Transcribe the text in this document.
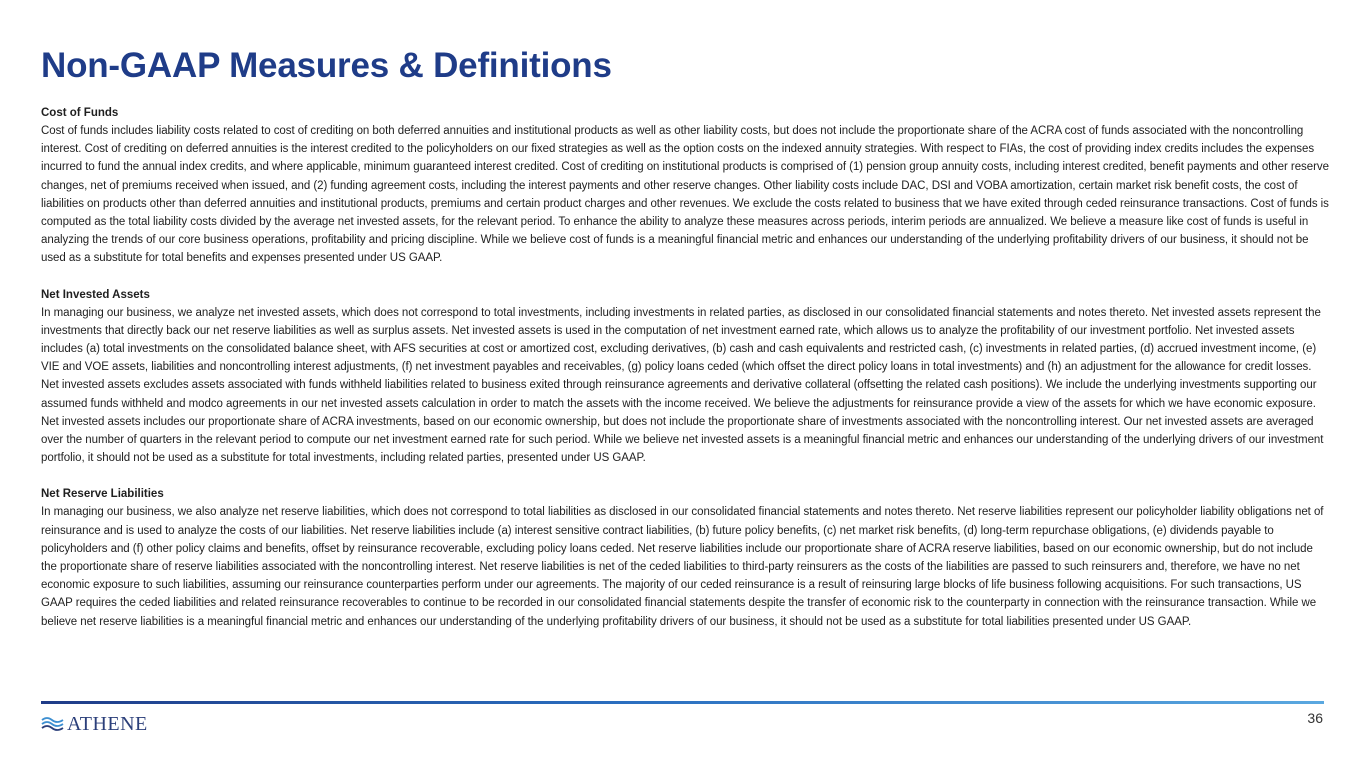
Non-GAAP Measures & Definitions

Cost of Funds

Cost of funds includes liability costs related to cost of crediting on both deferred annuities and institutional products as well as other liability costs, but does not include the proportionate share of the ACRA cost of funds associated with the noncontrolling interest. Cost of crediting on deferred annuities is the interest credited to the policyholders on our fixed strategies as well as the option costs on the indexed annuity strategies. With respect to FIAs, the cost of providing index credits includes the expenses incurred to fund the annual index credits, and where applicable, minimum guaranteed interest credited. Cost of crediting on institutional products is comprised of (1) pension group annuity costs, including interest credited, benefit payments and other reserve changes, net of premiums received when issued, and (2) funding agreement costs, including the interest payments and other reserve changes. Other liability costs include DAC, DSI and VOBA amortization, certain market risk benefit costs, the cost of liabilities on products other than deferred annuities and institutional products, premiums and certain product charges and other revenues. We exclude the costs related to business that we have exited through ceded reinsurance transactions. Cost of funds is computed as the total liability costs divided by the average net invested assets, for the relevant period. To enhance the ability to analyze these measures across periods, interim periods are annualized. We believe a measure like cost of funds is useful in analyzing the trends of our core business operations, profitability and pricing discipline. While we believe cost of funds is a meaningful financial metric and enhances our understanding of the underlying profitability drivers of our business, it should not be used as a substitute for total benefits and expenses presented under US GAAP.

Net Invested Assets

In managing our business, we analyze net invested assets, which does not correspond to total investments, including investments in related parties, as disclosed in our consolidated financial statements and notes thereto. Net invested assets represent the investments that directly back our net reserve liabilities as well as surplus assets. Net invested assets is used in the computation of net investment earned rate, which allows us to analyze the profitability of our investment portfolio. Net invested assets includes (a) total investments on the consolidated balance sheet, with AFS securities at cost or amortized cost, excluding derivatives, (b) cash and cash equivalents and restricted cash, (c) investments in related parties, (d) accrued investment income, (e) VIE and VOE assets, liabilities and noncontrolling interest adjustments, (f) net investment payables and receivables, (g) policy loans ceded (which offset the direct policy loans in total investments) and (h) an adjustment for the allowance for credit losses. Net invested assets excludes assets associated with funds withheld liabilities related to business exited through reinsurance agreements and derivative collateral (offsetting the related cash positions). We include the underlying investments supporting our assumed funds withheld and modco agreements in our net invested assets calculation in order to match the assets with the income received. We believe the adjustments for reinsurance provide a view of the assets for which we have economic exposure. Net invested assets includes our proportionate share of ACRA investments, based on our economic ownership, but does not include the proportionate share of investments associated with the noncontrolling interest. Our net invested assets are averaged over the number of quarters in the relevant period to compute our net investment earned rate for such period. While we believe net invested assets is a meaningful financial metric and enhances our understanding of the underlying drivers of our investment portfolio, it should not be used as a substitute for total investments, including related parties, presented under US GAAP.

Net Reserve Liabilities

In managing our business, we also analyze net reserve liabilities, which does not correspond to total liabilities as disclosed in our consolidated financial statements and notes thereto. Net reserve liabilities represent our policyholder liability obligations net of reinsurance and is used to analyze the costs of our liabilities. Net reserve liabilities include (a) interest sensitive contract liabilities, (b) future policy benefits, (c) net market risk benefits, (d) long-term repurchase obligations, (e) dividends payable to policyholders and (f) other policy claims and benefits, offset by reinsurance recoverable, excluding policy loans ceded. Net reserve liabilities include our proportionate share of ACRA reserve liabilities, based on our economic ownership, but do not include the proportionate share of reserve liabilities associated with the noncontrolling interest. Net reserve liabilities is net of the ceded liabilities to third-party reinsurers as the costs of the liabilities are passed to such reinsurers and, therefore, we have no net economic exposure to such liabilities, assuming our reinsurance counterparties perform under our agreements. The majority of our ceded reinsurance is a result of reinsuring large blocks of life business following acquisitions. For such transactions, US GAAP requires the ceded liabilities and related reinsurance recoverables to continue to be recorded in our consolidated financial statements despite the transfer of economic risk to the counterparty in connection with the reinsurance transaction. While we believe net reserve liabilities is a meaningful financial metric and enhances our understanding of the underlying profitability drivers of our business, it should not be used as a substitute for total liabilities presented under US GAAP.

ATHENE	36
